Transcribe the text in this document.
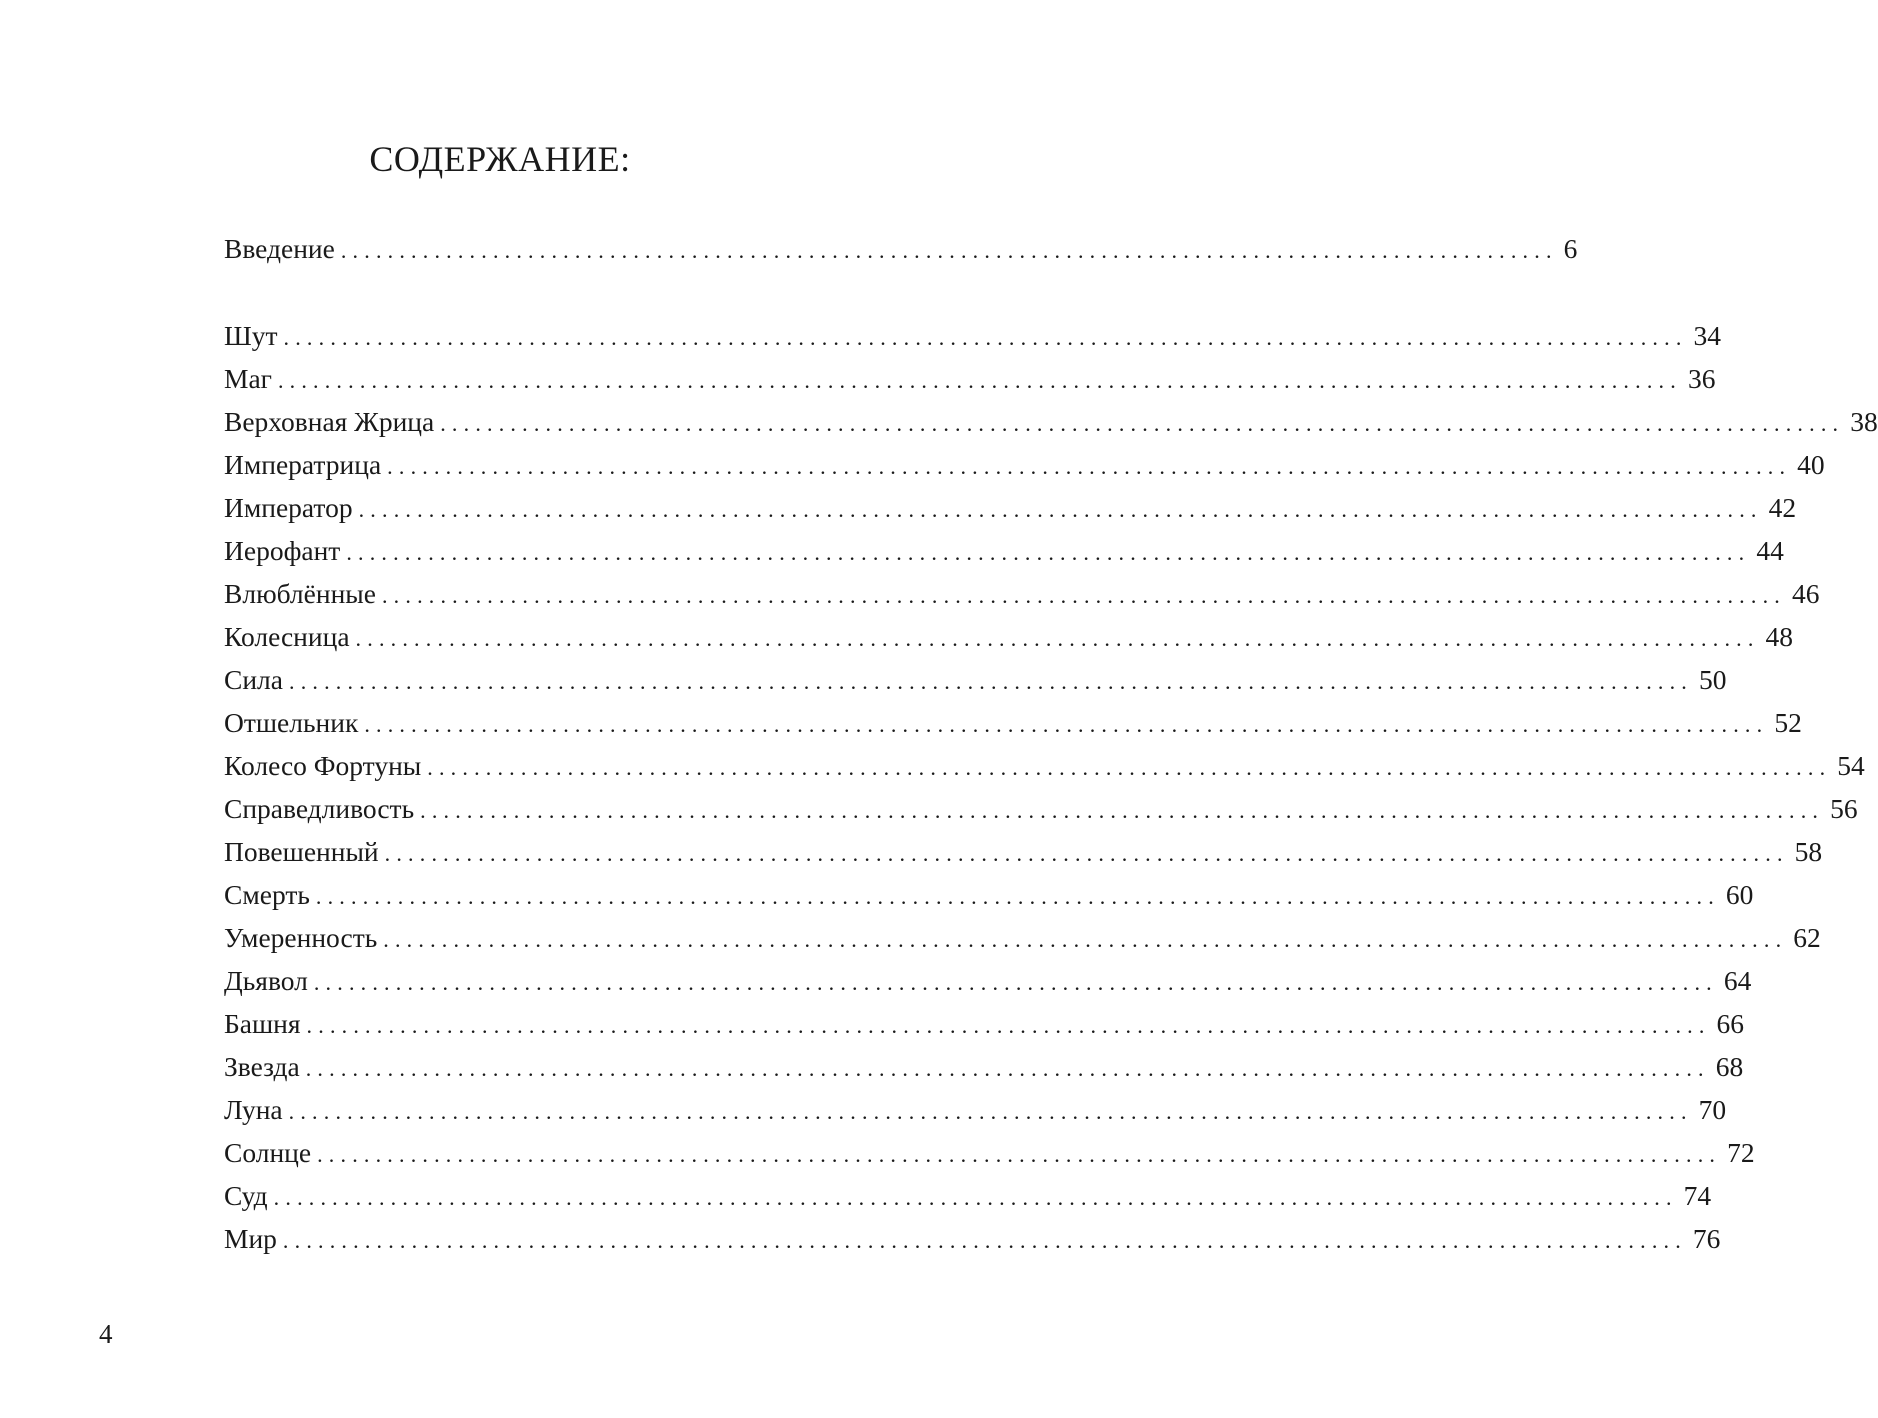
СОДЕРЖАНИЕ:
Введение ........................................................................................................ 6
Шут ........................................................................................................................ 34
Маг ........................................................................................................................ 36
Верховная Жрица ........................................................................................................................ 38
Императрица ........................................................................................................................ 40
Император ........................................................................................................................ 42
Иерофант ........................................................................................................................ 44
Влюблённые ........................................................................................................................ 46
Колесница ........................................................................................................................ 48
Сила ........................................................................................................................ 50
Отшельник ........................................................................................................................ 52
Колесо Фортуны ........................................................................................................................ 54
Справедливость ........................................................................................................................ 56
Повешенный ........................................................................................................................ 58
Смерть ........................................................................................................................ 60
Умеренность ........................................................................................................................ 62
Дьявол ........................................................................................................................ 64
Башня ........................................................................................................................ 66
Звезда ........................................................................................................................ 68
Луна ........................................................................................................................ 70
Солнце ........................................................................................................................ 72
Суд ........................................................................................................................ 74
Мир ........................................................................................................................ 76
4
